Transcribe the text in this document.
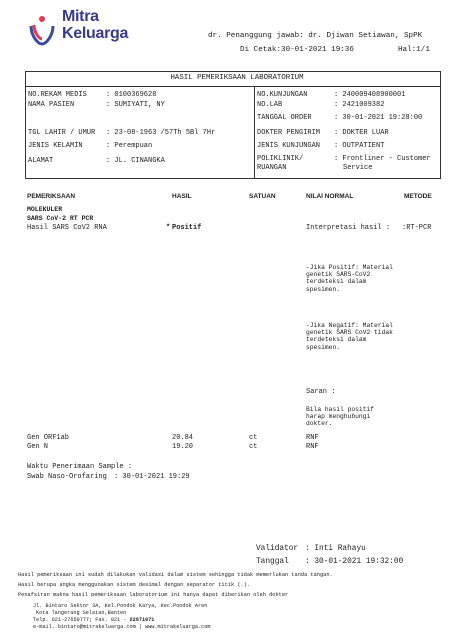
Mitra
Keluarga	dr. Penanggung jawab: dr. Djiwan Setiawan, SpPK
Di Cetak:30-01-2021 19:36	Hal:1/1
HASIL PEMERIKSAAN LABORATORIUM
NO.REKAM MEDIS	: 0100369628
NAMA PASIEN	: SUMIYATI, NY
TGL LAHIR / UMUR : 23-08-1963 /57Th 5Bl 7Hr
JENIS KELAMIN	: Perempuan
ALAMAT	: JL. CINANGKA
NO.KUNJUNGAN	: 240009408900001
NO.LAB	: 2421009382
TANGGAL ORDER	: 30-01-2021 19:28:00
DOKTER PENGIRIM : DOKTER LUAR
JENIS KUNJUNGAN : OUTPATIENT
POLIKLINIK/
RUANGAN
: Frontliner - Customer
Service
PEMERIKSAAN	HASIL	SATUAN	NILAI NORMAL	METODE
MOLEKULER
SARS CoV-2 RT PCR
Hasil SARS CoV2 RNA	* Positif	Interpretasi hasil : :RT-PCR
-Jika Positif: Material genetik SARS-CoV2 terdeteksi dalam spesimen.
-Jika Negatif: Material genetik SARS CoV2 tidak terdeteksi dalam spesimen.
Saran :
Bila hasil positif harap menghubungi dokter.
Gen ORF1ab	20.84	ct	RNF
Gen N	19.20	ct	RNF
Waktu Penerimaan Sample :
Swab Naso-Orofaring : 30-01-2021 19:29
Validator : Inti Rahayu
Tanggal : 30-01-2021 19:32:00
Hasil pemeriksaan ini sudah dilakukan validasi dalam sistem sehingga tidak memerlukan tanda tangan.
Hasil berupa angka menggunakan sistem desimal dengan separator titik (.).
Penafsiran makna hasil pemeriksaan laboratorium ini hanya dapat diberikan oleh dokter
Jl. Bintaro Sektor 3A, Kel.Pondok Karya, Kec.Pondok Aren
Kota Tangerang Selatan,Banten
Telp. 021-27659777; Fax. 021 - 22971071
e-mail. bintaro@mitrakeluarga.com | www.mitrakeluarga.com
